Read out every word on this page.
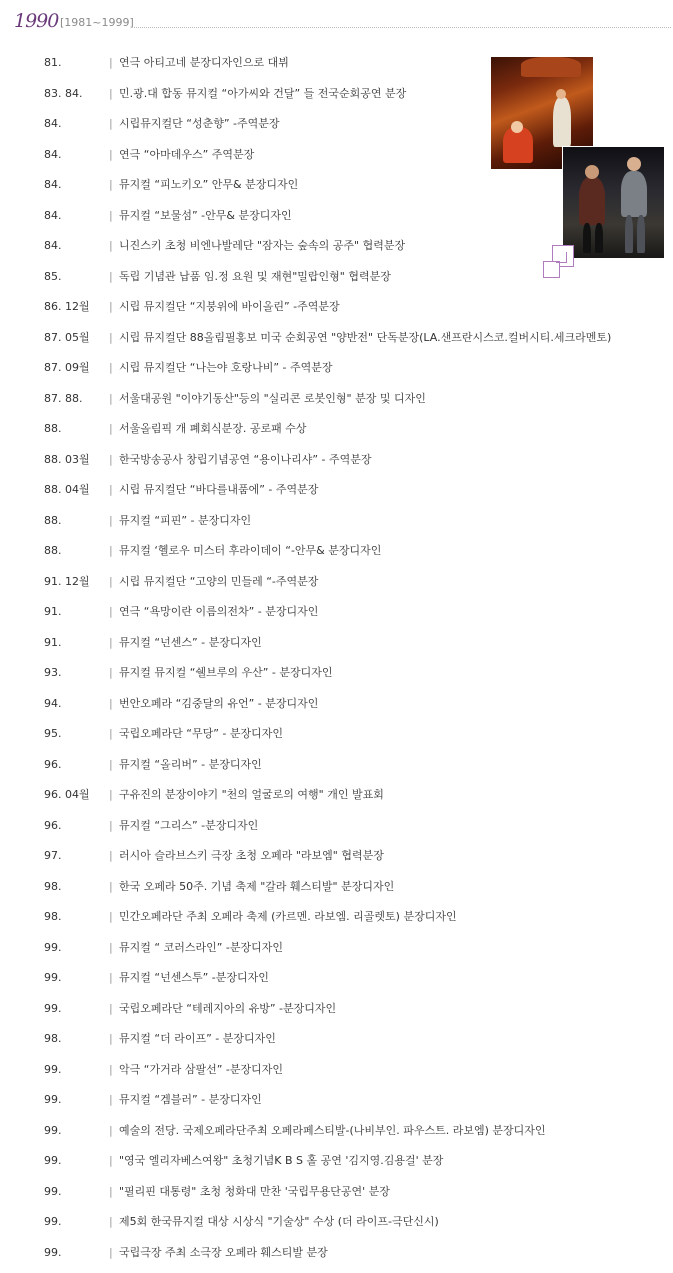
1990 [1981~1999]
81.	| 연극 아티고네 분장디자인으로 대뷔
83. 84. | 민.광.대 합동 뮤지컬 “아가씨와 건달” 들 전국순회공연 분장
84.	| 시립뮤지컬단 “성춘향” -주역분장
84.	| 연극 “아마데우스” 주역분장
84.	| 뮤지컬 “피노키오” 안무& 분장디자인
84.	| 뮤지컬 “보물섬” -안무& 분장디자인
84.	| 니진스키 초청 비엔나발레단 "잠자는 숲속의 공주" 협력분장
85.	| 독립 기념관 납품 임.정 요원 및 재현"밀랍인형" 협력분장
86. 12월 | 시립 뮤지컬단 “지붕위에 바이올린” -주역분장
87. 05월 | 시립 뮤지컬단 88올림필홍보 미국 순회공연 "양반전" 단독분장(LA.샌프란시스코.컬버시티.세크라멘토)
87. 09월 | 시립 뮤지컬단 “나는야 호랑나비” - 주역분장
87. 88. | 서울대공원 "이야기동산"등의 "실리콘 로봇인형" 분장 및 디자인
88.	| 서울올림픽 개 폐회식분장. 공로패 수상
88. 03월 | 한국방송공사 창립기념공연 “용이나리샤” - 주역분장
88. 04월 | 시립 뮤지컬단 “바다를내품에” - 주역분장
88.	| 뮤지컬 “피핀” - 분장디자인
88.	| 뮤지컬 ‘헬로우 미스터 후라이데이 “-안무& 분장디자인
91. 12월 | 시립 뮤지컬단 “고양의 민들레 “-주역분장
91.	| 연극 “욕망이란 이름의전차” - 분장디자인
91.	| 뮤지컬 “넌센스” - 분장디자인
93.	| 뮤지컬 뮤지컬 “쉘브루의 우산” - 분장디자인
94.	| 번안오페라 “김중달의 유언” - 분장디자인
95.	| 국립오페라단 “무당” - 분장디자인
96.	| 뮤지컬 “올리버” - 분장디자인
96. 04월 | 구유진의 분장이야기 "천의 얼굴로의 여행" 개인 발표회
96.	| 뮤지컬 “그리스” -분장디자인
97.	| 러시아 슬라브스키 극장 초청 오페라 "라보엠" 협력분장
98.	| 한국 오페라 50주. 기념 축제 "갈라 훼스티발" 분장디자인
98.	| 민간오페라단 주최 오페라 축제 (카르멘. 라보엠. 리골렛토) 분장디자인
99.	| 뮤지컬 “ 코러스라인” -분장디자인
99.	| 뮤지컬 “넌센스투” -분장디자인
99.	| 국립오페라단 “테레지아의 유방” -분장디자인
98.	| 뮤지컬 “더 라이프” - 분장디자인
99.	| 악극 “가거라 삼팔선” -분장디자인
99.	| 뮤지컬 “겜블러” - 분장디자인
99.	| 예술의 전당. 국제오페라단주최 오페라페스티발-(나비부인. 파우스트. 라보엠) 분장디자인
99.	| "영국 엘리자베스여왕" 초청기념K B S 홀 공연 '김지영.김용걸' 분장
99.	| "필리핀 대통령" 초청 청화대 만찬 '국립무용단공연' 분장
99.	| 제5회 한국뮤지컬 대상 시상식 "기술상" 수상 (더 라이프-극단신시)
99.	| 국립극장 주최 소극장 오페라 훼스티발 분장
